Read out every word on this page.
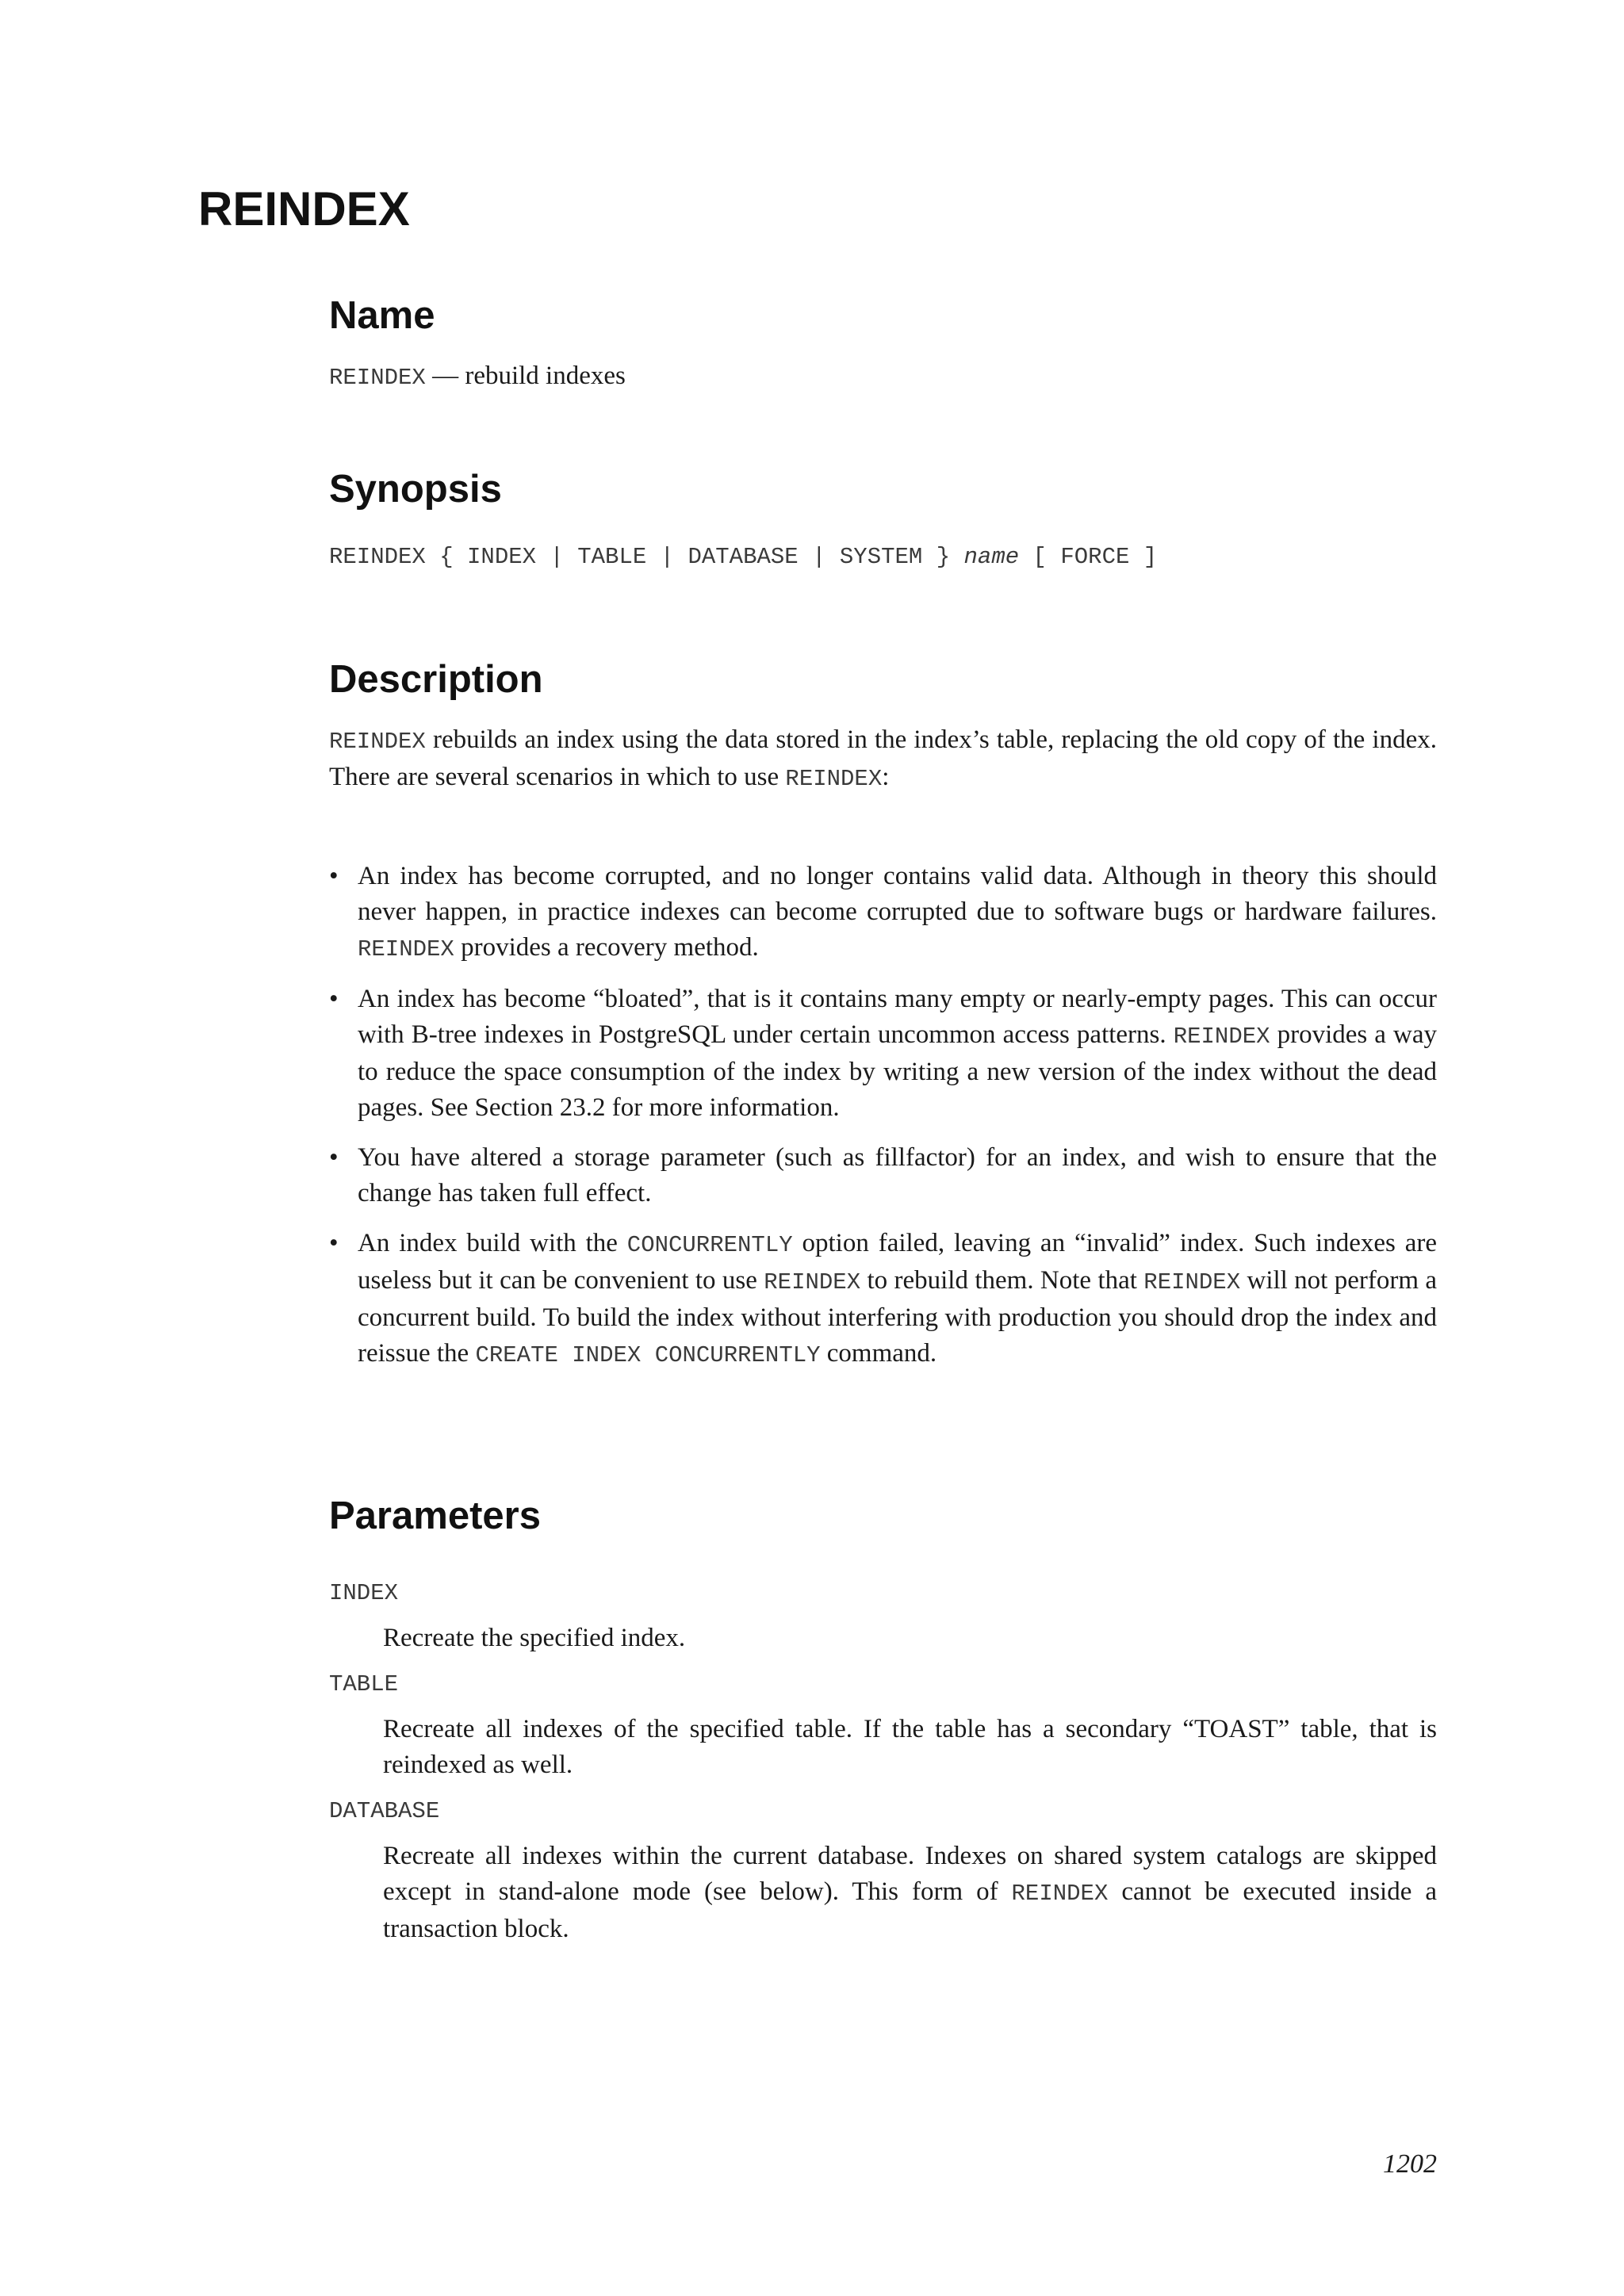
REINDEX
Name
REINDEX — rebuild indexes
Synopsis
REINDEX { INDEX | TABLE | DATABASE | SYSTEM } name [ FORCE ]
Description

REINDEX rebuilds an index using the data stored in the index’s table, replacing the old copy of the index. There are several scenarios in which to use REINDEX:

• An index has become corrupted, and no longer contains valid data. Although in theory this should never happen, in practice indexes can become corrupted due to software bugs or hardware failures. REINDEX provides a recovery method.
• An index has become “bloated”, that is it contains many empty or nearly-empty pages. This can occur with B-tree indexes in PostgreSQL under certain uncommon access patterns. REINDEX provides a way to reduce the space consumption of the index by writing a new version of the index without the dead pages. See Section 23.2 for more information.
• You have altered a storage parameter (such as fillfactor) for an index, and wish to ensure that the change has taken full effect.
• An index build with the CONCURRENTLY option failed, leaving an “invalid” index. Such indexes are useless but it can be convenient to use REINDEX to rebuild them. Note that REINDEX will not perform a concurrent build. To build the index without interfering with production you should drop the index and reissue the CREATE INDEX CONCURRENTLY command.
Parameters
INDEX
Recreate the specified index.
TABLE
Recreate all indexes of the specified table. If the table has a secondary “TOAST” table, that is reindexed as well.
DATABASE
Recreate all indexes within the current database. Indexes on shared system catalogs are skipped except in stand-alone mode (see below). This form of REINDEX cannot be executed inside a transaction block.
1202
